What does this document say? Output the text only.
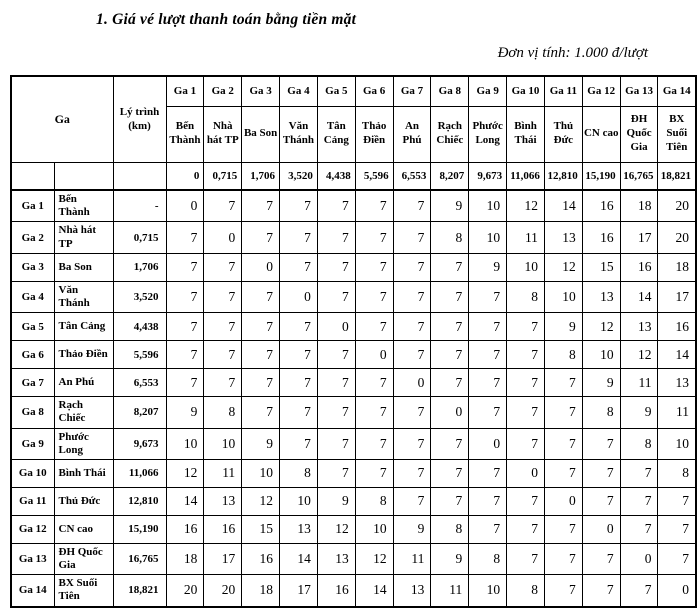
1. Giá vé lượt thanh toán bằng tiền mặt
Đơn vị tính: 1.000 đ/lượt
Ga		Lý trình (km)	Ga 1	Ga 2	Ga 3	Ga 4	Ga 5	Ga 6	Ga 7	Ga 8	Ga 9	Ga 10	Ga 11	Ga 12	Ga 13	Ga 14
			Bến Thành	Nhà hát TP	Ba Son	Văn Thánh	Tân Cảng	Thảo Điền	An Phú	Rạch Chiếc	Phước Long	Bình Thái	Thủ Đức	CN cao	ĐH Quốc Gia	BX Suối Tiên
			0	0,715	1,706	3,520	4,438	5,596	6,553	8,207	9,673	11,066	12,810	15,190	16,765	18,821
Ga 1	Bến Thành	-	0	7	7	7	7	7	7	9	10	12	14	16	18	20
Ga 2	Nhà hát TP	0,715	7	0	7	7	7	7	7	8	10	11	13	16	17	20
Ga 3	Ba Son	1,706	7	7	0	7	7	7	7	7	9	10	12	15	16	18
Ga 4	Văn Thánh	3,520	7	7	7	0	7	7	7	7	7	8	10	13	14	17
Ga 5	Tân Cảng	4,438	7	7	7	7	0	7	7	7	7	7	9	12	13	16
Ga 6	Thảo Điền	5,596	7	7	7	7	7	0	7	7	7	7	8	10	12	14
Ga 7	An Phú	6,553	7	7	7	7	7	7	0	7	7	7	7	9	11	13
Ga 8	Rạch Chiếc	8,207	9	8	7	7	7	7	7	0	7	7	7	8	9	11
Ga 9	Phước Long	9,673	10	10	9	7	7	7	7	7	0	7	7	7	8	10
Ga 10	Bình Thái	11,066	12	11	10	8	7	7	7	7	7	0	7	7	7	8
Ga 11	Thủ Đức	12,810	14	13	12	10	9	8	7	7	7	7	0	7	7	7
Ga 12	CN cao	15,190	16	16	15	13	12	10	9	8	7	7	7	0	7	7
Ga 13	ĐH Quốc Gia	16,765	18	17	16	14	13	12	11	9	8	7	7	7	0	7
Ga 14	BX Suối Tiên	18,821	20	20	18	17	16	14	13	11	10	8	7	7	7	0
